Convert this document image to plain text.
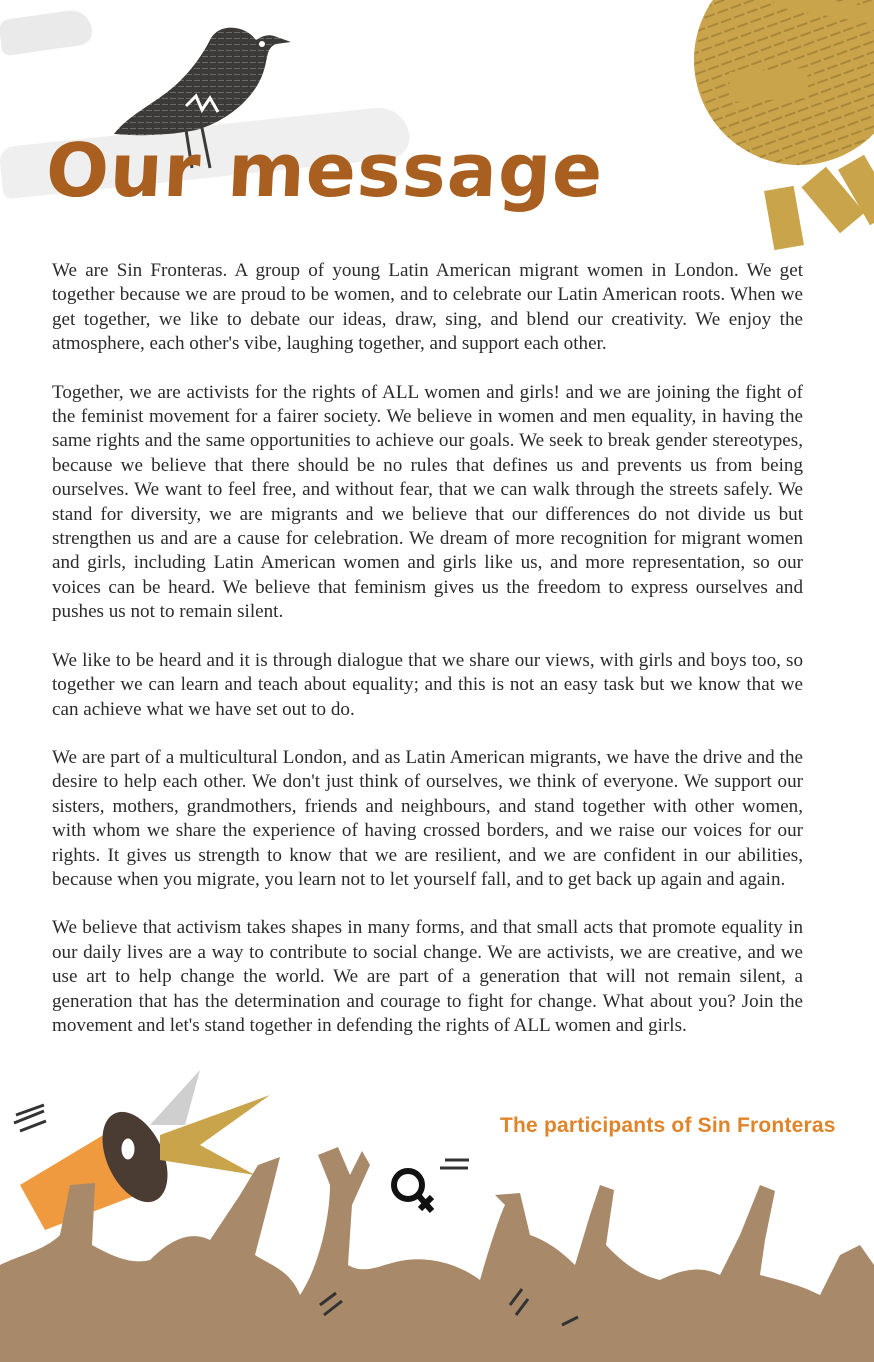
Our message

We are Sin Fronteras. A group of young Latin American migrant women in London. We get together because we are proud to be women, and to celebrate our Latin American roots. When we get together, we like to debate our ideas, draw, sing, and blend our creativity. We enjoy the atmosphere, each other's vibe, laughing together, and support each other.

Together, we are activists for the rights of ALL women and girls! and we are joining the fight of the feminist movement for a fairer society. We believe in women and men equality, in having the same rights and the same opportunities to achieve our goals. We seek to break gender stereotypes, because we believe that there should be no rules that defines us and prevents us from being ourselves. We want to feel free, and without fear, that we can walk through the streets safely. We stand for diversity, we are migrants and we believe that our differences do not divide us but strengthen us and are a cause for celebration. We dream of more recognition for migrant women and girls, including Latin American women and girls like us, and more representation, so our voices can be heard. We believe that feminism gives us the freedom to express ourselves and pushes us not to remain silent.

We like to be heard and it is through dialogue that we share our views, with girls and boys too, so together we can learn and teach about equality; and this is not an easy task but we know that we can achieve what we have set out to do.

We are part of a multicultural London, and as Latin American migrants, we have the drive and the desire to help each other. We don't just think of ourselves, we think of everyone. We support our sisters, mothers, grandmothers, friends and neighbours, and stand together with other women, with whom we share the experience of having crossed borders, and we raise our voices for our rights. It gives us strength to know that we are resilient, and we are confident in our abilities, because when you migrate, you learn not to let yourself fall, and to get back up again and again.

We believe that activism takes shapes in many forms, and that small acts that promote equality in our daily lives are a way to contribute to social change. We are activists, we are creative, and we use art to help change the world. We are part of a generation that will not remain silent, a generation that has the determination and courage to fight for change. What about you? Join the movement and let's stand together in defending the rights of ALL women and girls.

The participants of Sin Fronteras
